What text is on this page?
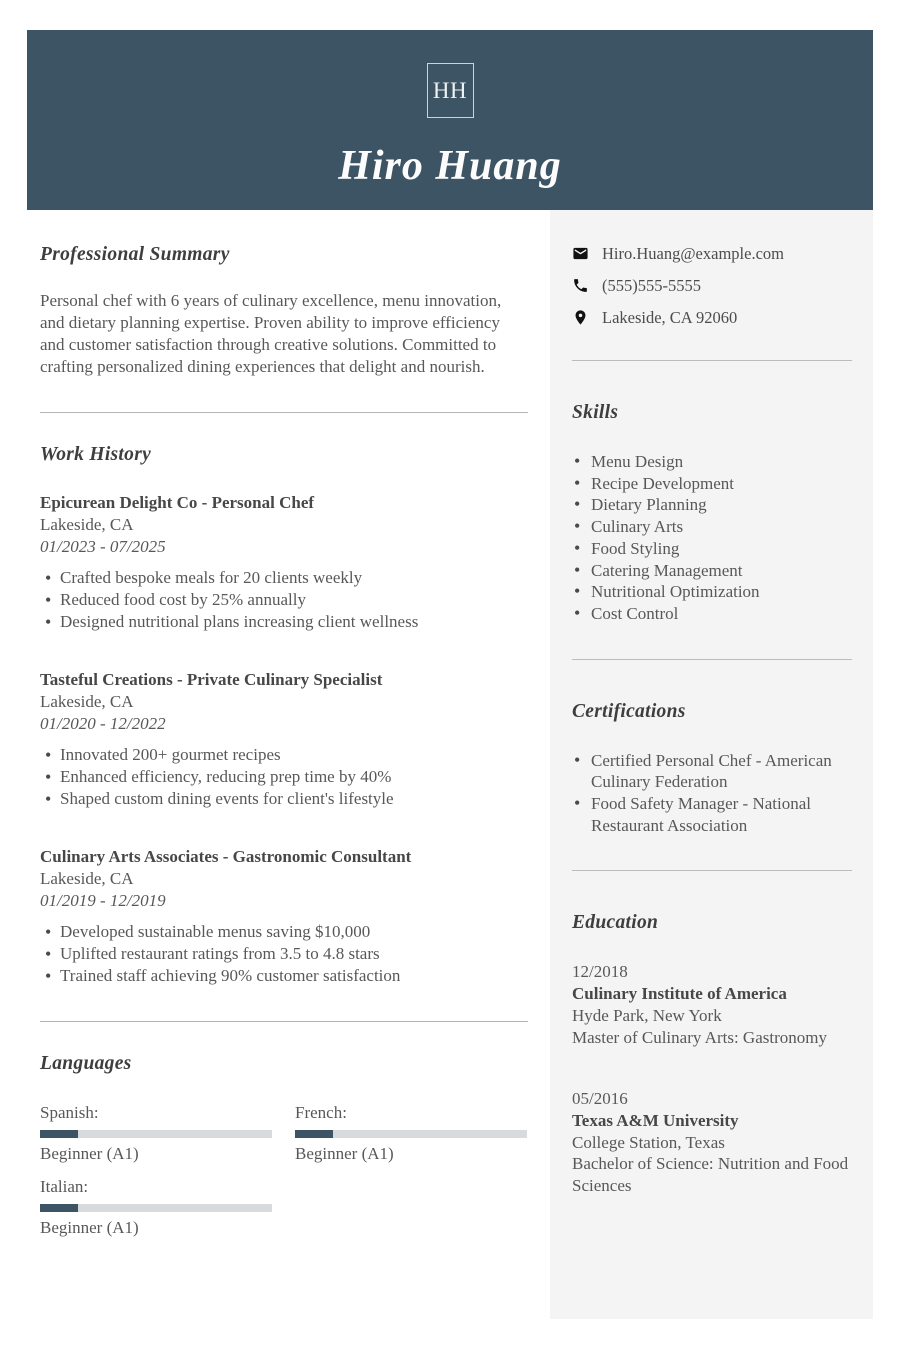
HH
Hiro Huang
Professional Summary

Personal chef with 6 years of culinary excellence, menu innovation, and dietary planning expertise. Proven ability to improve efficiency and customer satisfaction through creative solutions. Committed to crafting personalized dining experiences that delight and nourish.

Work History
Epicurean Delight Co - Personal Chef
Lakeside, CA
01/2023 - 07/2025
• Crafted bespoke meals for 20 clients weekly
• Reduced food cost by 25% annually
• Designed nutritional plans increasing client wellness
Tasteful Creations - Private Culinary Specialist
Lakeside, CA
01/2020 - 12/2022
• Innovated 200+ gourmet recipes
• Enhanced efficiency, reducing prep time by 40%
• Shaped custom dining events for client's lifestyle
Culinary Arts Associates - Gastronomic Consultant
Lakeside, CA
01/2019 - 12/2019
• Developed sustainable menus saving $10,000
• Uplifted restaurant ratings from 3.5 to 4.8 stars
• Trained staff achieving 90% customer satisfaction
Languages
Spanish:
Beginner (A1)
French:
Beginner (A1)
Italian:
Beginner (A1)
Hiro.Huang@example.com
(555)555-5555
Lakeside, CA 92060
Skills
• Menu Design
• Recipe Development
• Dietary Planning
• Culinary Arts
• Food Styling
• Catering Management
• Nutritional Optimization
• Cost Control
Certifications
• Certified Personal Chef - American Culinary Federation
• Food Safety Manager - National Restaurant Association
Education
12/2018
Culinary Institute of America
Hyde Park, New York
Master of Culinary Arts: Gastronomy
05/2016
Texas A&M University
College Station, Texas
Bachelor of Science: Nutrition and Food Sciences
